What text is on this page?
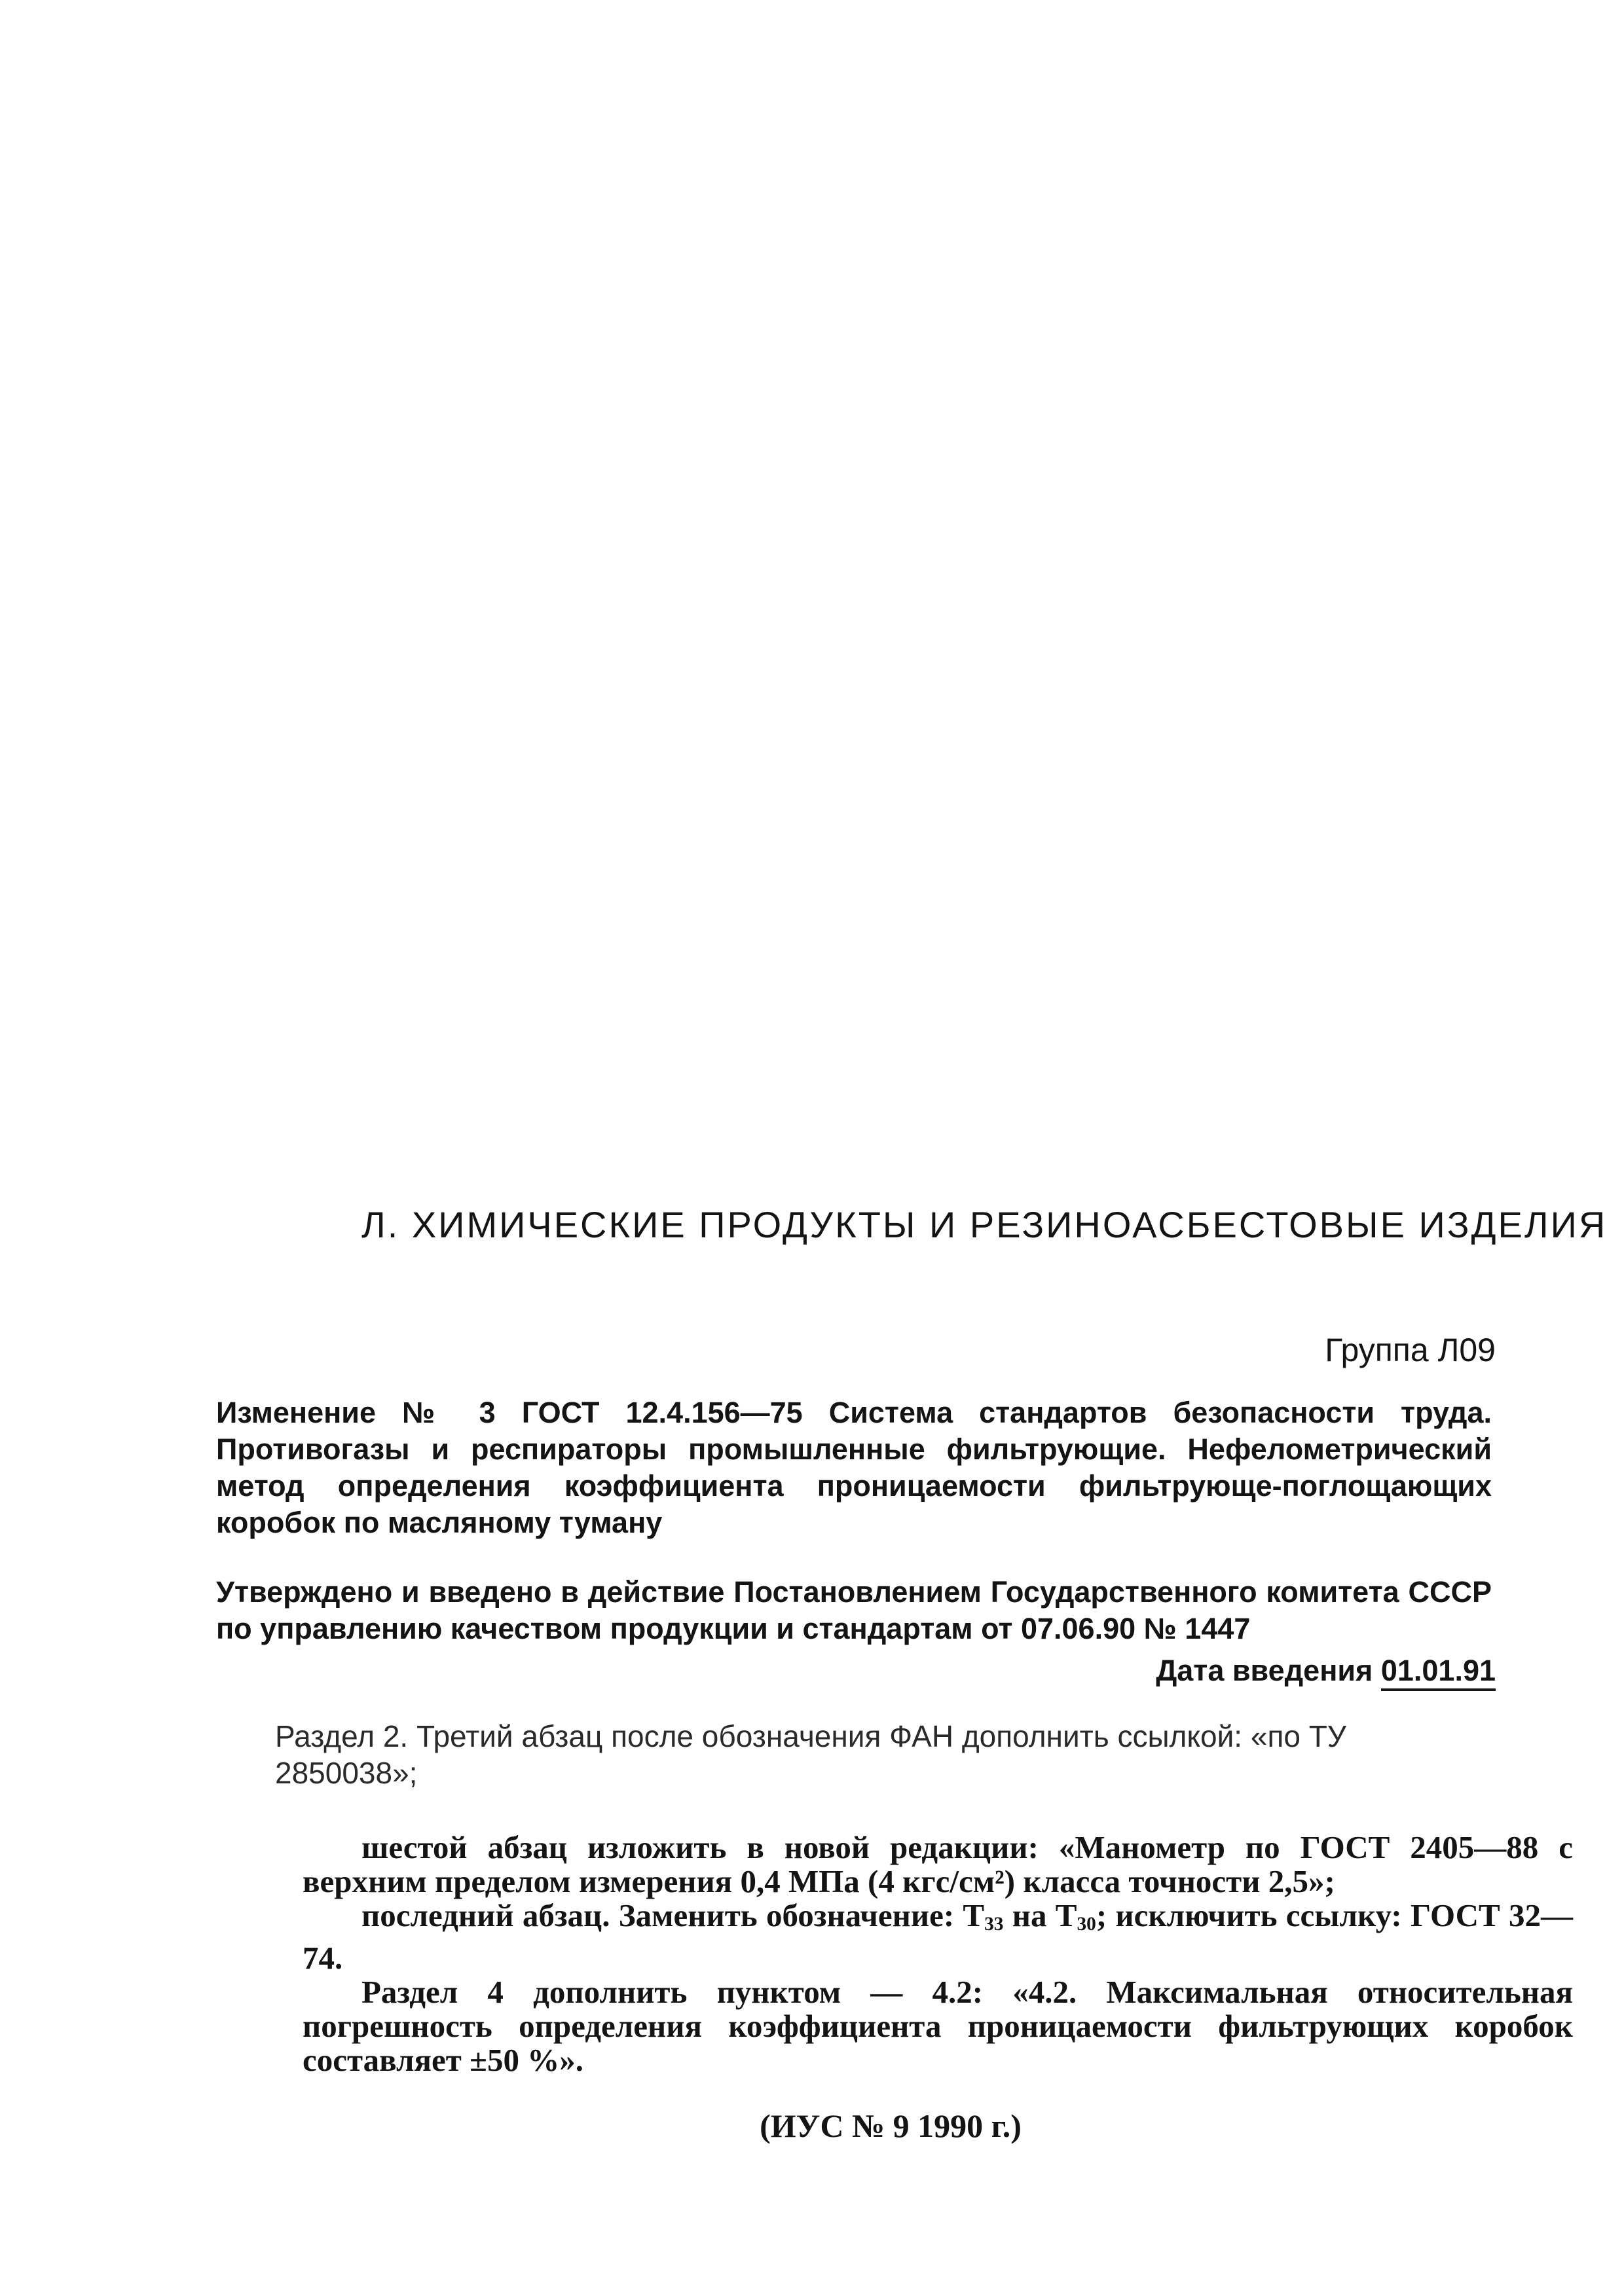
Л. ХИМИЧЕСКИЕ ПРОДУКТЫ И РЕЗИНОАСБЕСТОВЫЕ ИЗДЕЛИЯ
Группа Л09
Изменение № 3 ГОСТ 12.4.156—75 Система стандартов безопасности труда. Противогазы и респираторы промышленные фильтрующие. Нефелометрический метод определения коэффициента проницаемости фильтрующе-поглощающих коробок по масляному туману
Утверждено и введено в действие Постановлением Государственного комитета СССР по управлению качеством продукции и стандартам от 07.06.90 № 1447
Дата введения 01.01.91
Раздел 2. Третий абзац после обозначения ФАН дополнить ссылкой: «по ТУ 2850038»;

шестой абзац изложить в новой редакции: «Манометр по ГОСТ 2405—88 с верхним пределом измерения 0,4 МПа (4 кгс/см²) класса точности 2,5»;

последний абзац. Заменить обозначение: $T_{33}$ на $T_{30}$; исключить ссылку: ГОСТ 32—74.

Раздел 4 дополнить пунктом — 4.2: «4.2. Максимальная относительная погрешность определения коэффициента проницаемости фильтрующих коробок составляет ±50 %».

(ИУС № 9 1990 г.)
